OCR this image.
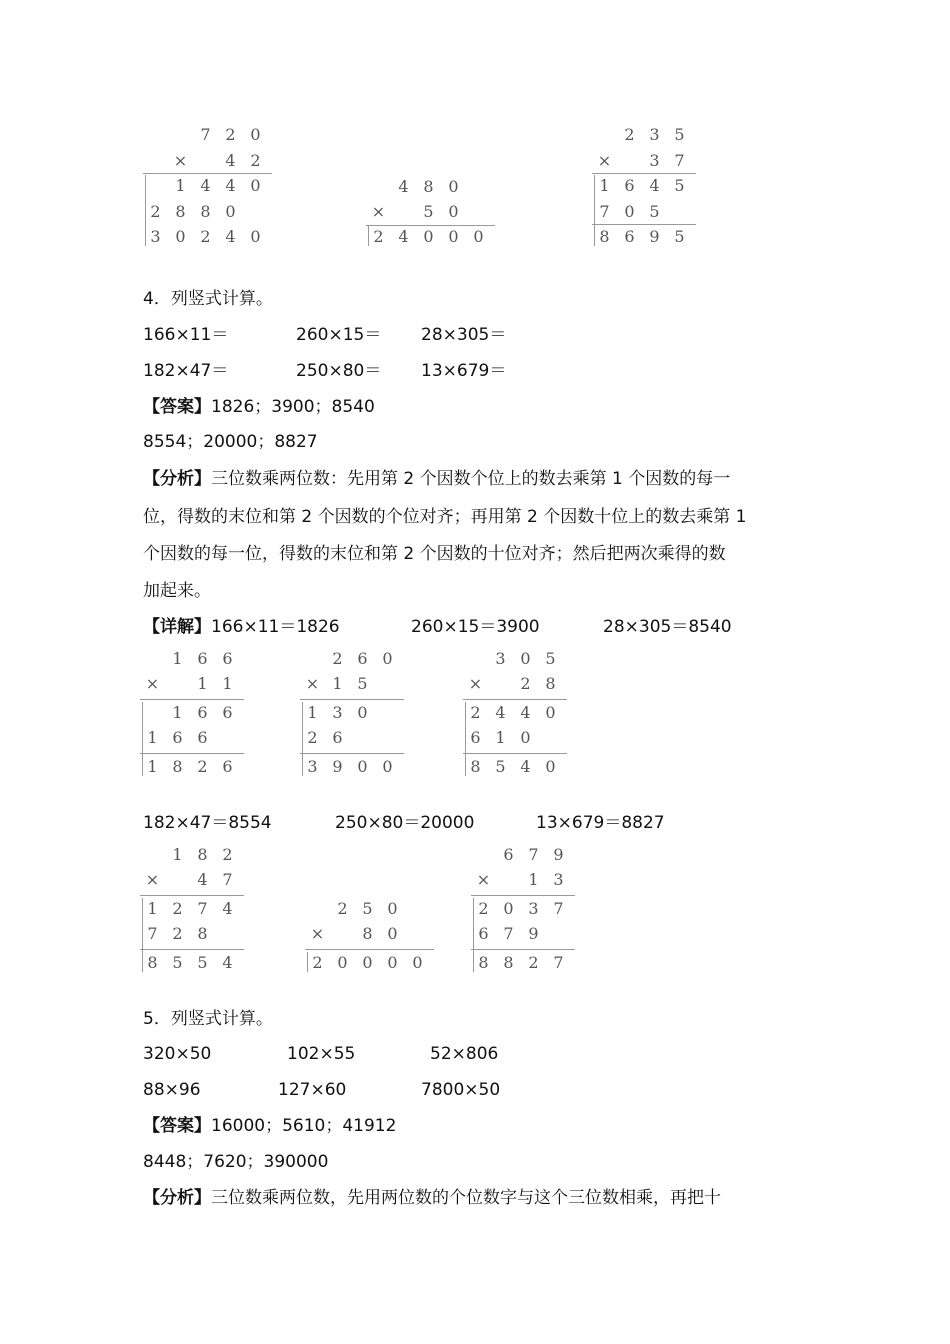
7 2 0
× 4 2
1 4 4 0
2 8 8 0
3 0 2 4 0
4 8 0
× 5 0
2 4 0 0 0
2 3 5
× 3 7
1 6 4 5
7 0 5
8 6 9 5
4．列竖式计算。
166×11＝	260×15＝ 28×305＝
182×47＝	250×80＝ 13×679＝
【答案】1826；3900；8540
8554；20000；8827
【分析】三位数乘两位数：先用第 2 个因数个位上的数去乘第 1 个因数的每一
位，得数的末位和第 2 个因数的个位对齐；再用第 2 个因数十位上的数去乘第 1
个因数的每一位，得数的末位和第 2 个因数的十位对齐；然后把两次乘得的数
加起来。
【详解】166×11＝1826	260×15＝3900	28×305＝8540
1 6 6
× 1 1
1 6 6
1 6 6
1 8 2 6
2 6 0
× 1 5
1 3 0
2 6
3 9 0 0
3 0 5
× 2 8
2 4 4 0
6 1 0
8 5 4 0
182×47＝8554	250×80＝20000	13×679＝8827
1 8 2
× 4 7
1 2 7 4
7 2 8
8 5 5 4
2 5 0
× 8 0
2 0 0 0 0
6 7 9
× 1 3
2 0 3 7
6 7 9
8 8 2 7
5．列竖式计算。
320×50	102×55	52×806
88×96	127×60	7800×50
【答案】16000；5610；41912
8448；7620；390000
【分析】三位数乘两位数，先用两位数的个位数字与这个三位数相乘，再把十
